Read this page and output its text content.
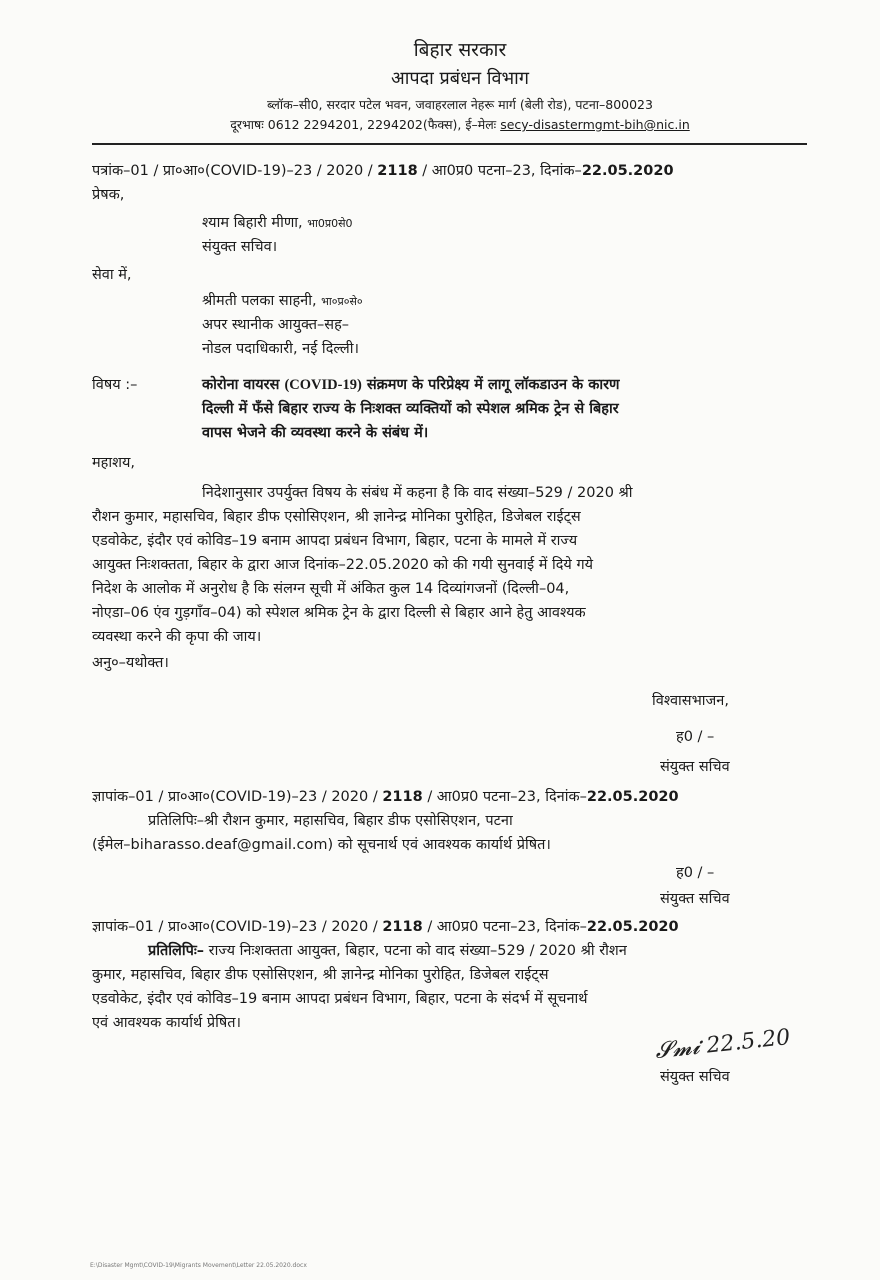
बिहार सरकार
आपदा प्रबंधन विभाग
ब्लॉक–सी0, सरदार पटेल भवन, जवाहरलाल नेहरू मार्ग (बेली रोड), पटना–800023
दूरभाषः 0612 2294201, 2294202(फैक्स), ई–मेलः secy-disastermgmt-bih@nic.in
पत्रांक–01 / प्रा०आ०(COVID-19)–23 / 2020 / 2118 / आ0प्र0 पटना–23, दिनांक–22.05.2020
प्रेषक,
श्याम बिहारी मीणा, भा0प्र0से0
संयुक्त सचिव।
सेवा में,
श्रीमती पलका साहनी, भा०प्र०से०
अपर स्थानीक आयुक्त–सह–
नोडल पदाधिकारी, नई दिल्ली।
विषय :–	कोरोना वायरस (COVID-19) संक्रमण के परिप्रेक्ष्य में लागू लॉकडाउन के कारण
दिल्ली में फँसे बिहार राज्य के निःशक्त व्यक्तियों को स्पेशल श्रमिक ट्रेन से बिहार
वापस भेजने की व्यवस्था करने के संबंध में।
महाशय,
निदेशानुसार उपर्युक्त विषय के संबंध में कहना है कि वाद संख्या–529 / 2020 श्री
रौशन कुमार, महासचिव, बिहार डीफ एसोसिएशन, श्री ज्ञानेन्द्र मोनिका पुरोहित, डिजेबल राईट्स
एडवोकेट, इंदौर एवं कोविड–19 बनाम आपदा प्रबंधन विभाग, बिहार, पटना के मामले में राज्य
आयुक्त निःशक्तता, बिहार के द्वारा आज दिनांक–22.05.2020 को की गयी सुनवाई में दिये गये
निदेश के आलोक में अनुरोध है कि संलग्न सूची में अंकित कुल 14 दिव्यांगजनों (दिल्ली–04,
नोएडा–06 एंव गुड़गाँव–04) को स्पेशल श्रमिक ट्रेन के द्वारा दिल्ली से बिहार आने हेतु आवश्यक
व्यवस्था करने की कृपा की जाय।
अनु०–यथोक्त।
विश्वासभाजन,
ह0 / –
संयुक्त सचिव
ज्ञापांक–01 / प्रा०आ०(COVID-19)–23 / 2020 / 2118 / आ0प्र0 पटना–23, दिनांक–22.05.2020
प्रतिलिपिः–श्री रौशन कुमार, महासचिव, बिहार डीफ एसोसिएशन, पटना
(ईमेल–biharasso.deaf@gmail.com) को सूचनार्थ एवं आवश्यक कार्यार्थ प्रेषित।
ह0 / –
संयुक्त सचिव
ज्ञापांक–01 / प्रा०आ०(COVID-19)–23 / 2020 / 2118 / आ0प्र0 पटना–23, दिनांक–22.05.2020
प्रतिलिपिः– राज्य निःशक्तता आयुक्त, बिहार, पटना को वाद संख्या–529 / 2020 श्री रौशन
कुमार, महासचिव, बिहार डीफ एसोसिएशन, श्री ज्ञानेन्द्र मोनिका पुरोहित, डिजेबल राईट्स
एडवोकेट, इंदौर एवं कोविड–19 बनाम आपदा प्रबंधन विभाग, बिहार, पटना के संदर्भ में सूचनार्थ
एवं आवश्यक कार्यार्थ प्रेषित।
𝓢𝓶𝓲 22.5.20
संयुक्त सचिव
E:\Disaster Mgmt\COVID-19\Migrants Movement\Letter 22.05.2020.docx
